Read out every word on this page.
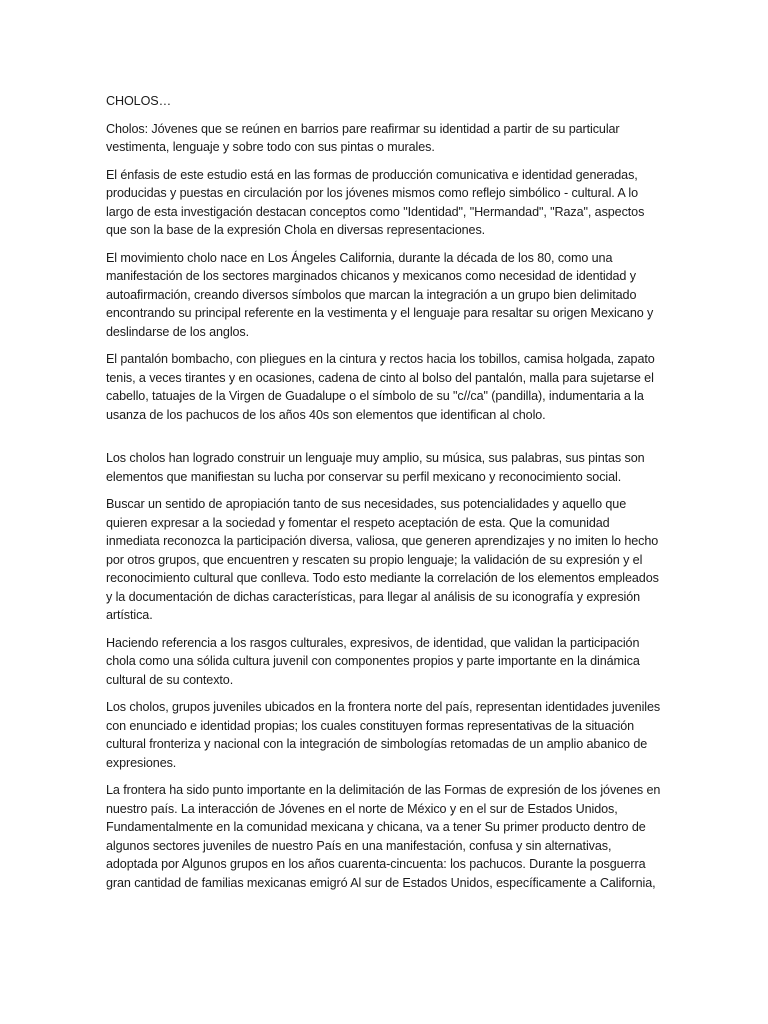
CHOLOS…

Cholos: Jóvenes que se reúnen en barrios pare reafirmar su identidad a partir de su particular vestimenta, lenguaje y sobre todo con sus pintas o murales.

El énfasis de este estudio está en las formas de producción comunicativa e identidad generadas, producidas y puestas en circulación por los jóvenes mismos como reflejo simbólico - cultural. A lo largo de esta investigación destacan conceptos como "Identidad", "Hermandad", "Raza", aspectos que son la base de la expresión Chola en diversas representaciones.

El movimiento cholo nace en Los Ángeles California, durante la década de los 80, como una manifestación de los sectores marginados chicanos y mexicanos como necesidad de identidad y autoafirmación, creando diversos símbolos que marcan la integración a un grupo bien delimitado encontrando su principal referente en la vestimenta y el lenguaje para resaltar su origen Mexicano y deslindarse de los anglos.

El pantalón bombacho, con pliegues en la cintura y rectos hacia los tobillos, camisa holgada, zapato tenis, a veces tirantes y en ocasiones, cadena de cinto al bolso del pantalón, malla para sujetarse el cabello, tatuajes de la Virgen de Guadalupe o el símbolo de su "c//ca" (pandilla), indumentaria a la usanza de los pachucos de los años 40s son elementos que identifican al cholo.

Los cholos han logrado construir un lenguaje muy amplio, su música, sus palabras, sus pintas son elementos que manifiestan su lucha por conservar su perfil mexicano y reconocimiento social.

Buscar un sentido de apropiación tanto de sus necesidades, sus potencialidades y aquello que quieren expresar a la sociedad y fomentar el respeto aceptación de esta. Que la comunidad inmediata reconozca la participación diversa, valiosa, que generen aprendizajes y no imiten lo hecho por otros grupos, que encuentren y rescaten su propio lenguaje; la validación de su expresión y el reconocimiento cultural que conlleva. Todo esto mediante la correlación de los elementos empleados y la documentación de dichas características, para llegar al análisis de su iconografía y expresión artística.

Haciendo referencia a los rasgos culturales, expresivos, de identidad, que validan la participación chola como una sólida cultura juvenil con componentes propios y parte importante en la dinámica cultural de su contexto.

Los cholos, grupos juveniles ubicados en la frontera norte del país, representan identidades juveniles con enunciado e identidad propias; los cuales constituyen formas representativas de la situación cultural fronteriza y nacional con la integración de simbologías retomadas de un amplio abanico de expresiones.

La frontera ha sido punto importante en la delimitación de las Formas de expresión de los jóvenes en nuestro país. La interacción de Jóvenes en el norte de México y en el sur de Estados Unidos, Fundamentalmente en la comunidad mexicana y chicana, va a tener Su primer producto dentro de algunos sectores juveniles de nuestro País en una manifestación, confusa y sin alternativas, adoptada por Algunos grupos en los años cuarenta-cincuenta: los pachucos. Durante la posguerra gran cantidad de familias mexicanas emigró Al sur de Estados Unidos, específicamente a California,
